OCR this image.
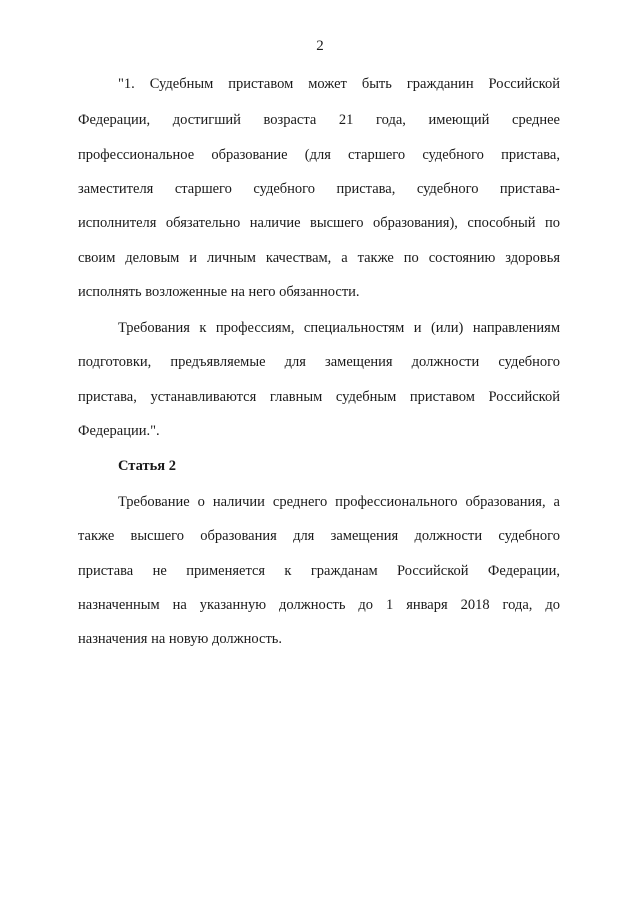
2
"1. Судебным приставом может быть гражданин Российской
Федерации, достигший возраста 21 года, имеющий среднее
профессиональное образование (для старшего судебного пристава,
заместителя старшего судебного пристава, судебного пристава-
исполнителя обязательно наличие высшего образования), способный по
своим деловым и личным качествам, а также по состоянию здоровья
исполнять возложенные на него обязанности.
Требования к профессиям, специальностям и (или) направлениям
подготовки, предъявляемые для замещения должности судебного
пристава, устанавливаются главным судебным приставом Российской
Федерации.".
Статья 2
Требование о наличии среднего профессионального образования, а
также высшего образования для замещения должности судебного
пристава не применяется к гражданам Российской Федерации,
назначенным на указанную должность до 1 января 2018 года, до
назначения на новую должность.
